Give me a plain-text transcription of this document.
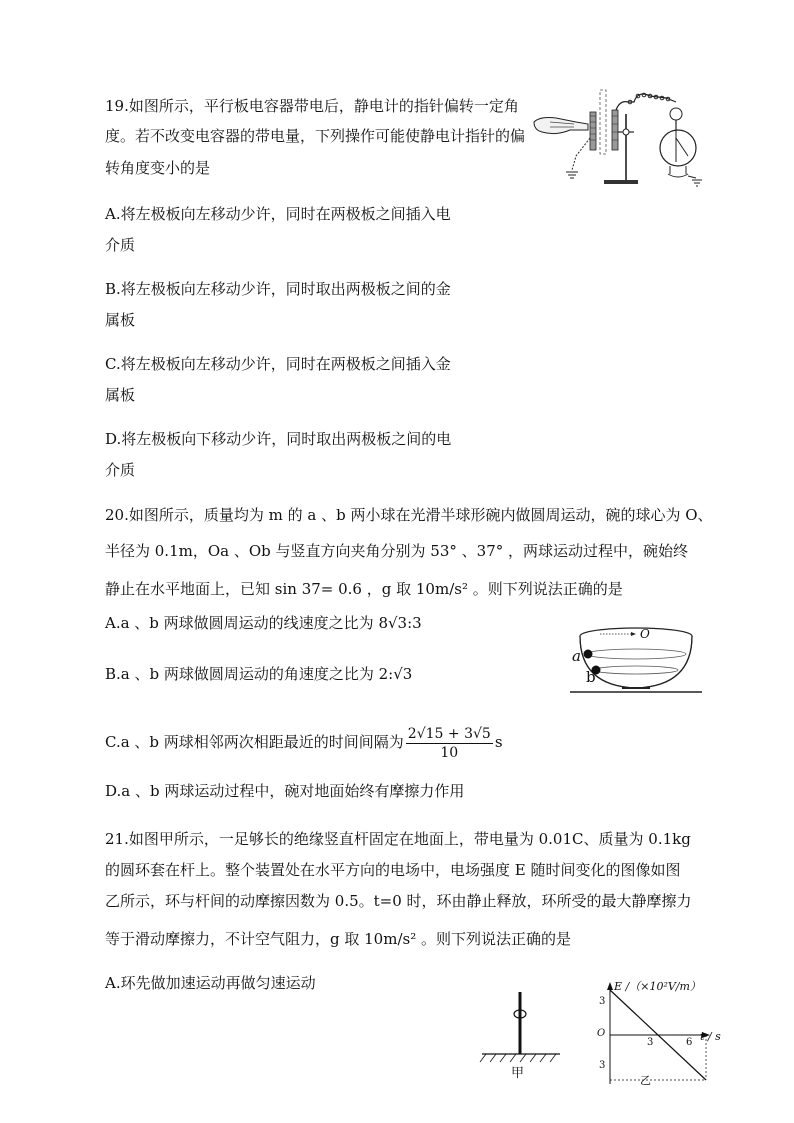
19.如图所示，平行板电容器带电后，静电计的指针偏转一定角
度。若不改变电容器的带电量，下列操作可能使静电计指针的偏
转角度变小的是
A.将左极板向左移动少许，同时在两极板之间插入电
介质
B.将左极板向左移动少许，同时取出两极板之间的金
属板
C.将左极板向左移动少许，同时在两极板之间插入金
属板
D.将左极板向下移动少许，同时取出两极板之间的电
介质
20.如图所示，质量均为 m 的 a 、b 两小球在光滑半球形碗内做圆周运动，碗的球心为 O、
半径为 0.1m，Oa 、Ob 与竖直方向夹角分别为 53° 、37° ，两球运动过程中，碗始终
静止在水平地面上，已知 sin 37= 0.6 ，g 取 10m/s² 。则下列说法正确的是
A.a 、b 两球做圆周运动的线速度之比为 8√3:3
B.a 、b 两球做圆周运动的角速度之比为 2:√3
O
a
b
C.a 、b 两球相邻两次相距最近的时间间隔为 $\frac{2√15 + 3√5}{10}$ s
D.a 、b 两球运动过程中，碗对地面始终有摩擦力作用
21.如图甲所示，一足够长的绝缘竖直杆固定在地面上，带电量为 0.01C、质量为 0.1kg
的圆环套在杆上。整个装置处在水平方向的电场中，电场强度 E 随时间变化的图像如图
乙所示，环与杆间的动摩擦因数为 0.5。t=0 时，环由静止释放，环所受的最大静摩擦力
等于滑动摩擦力，不计空气阻力，g 取 10m/s² 。则下列说法正确的是
A.环先做加速运动再做匀速运动
甲
E /（×10²V/m）
t / s
O
3
3
3	6
乙
